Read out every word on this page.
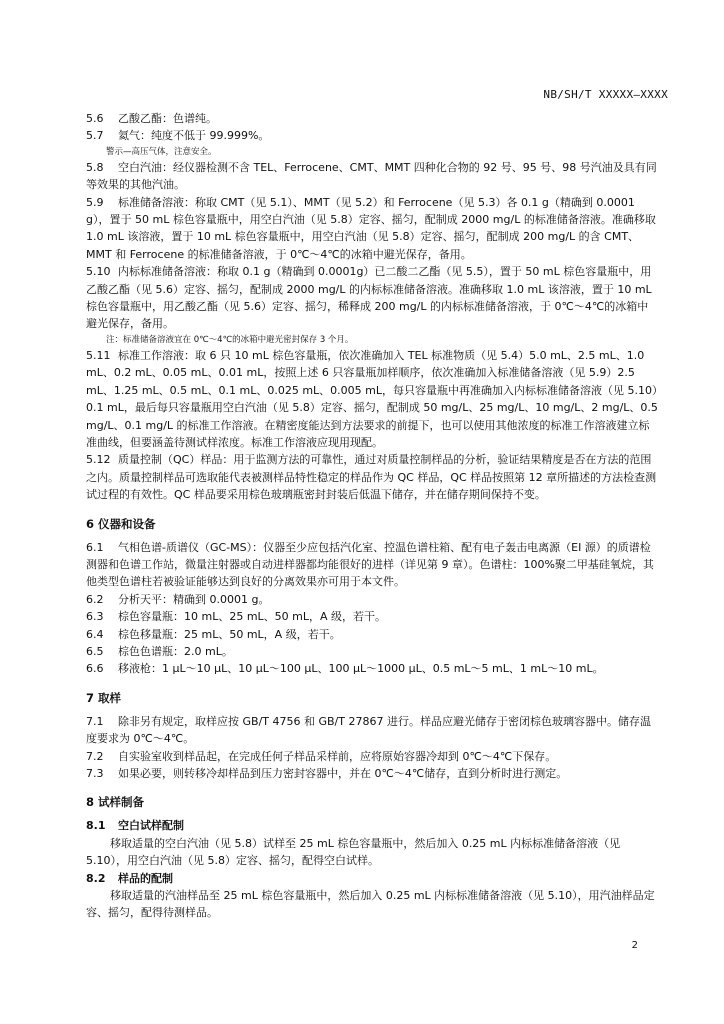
NB/SH/T XXXXX—XXXX
5.6 乙酸乙酯：色谱纯。
5.7 氦气：纯度不低于 99.999%。
警示—高压气体，注意安全。
5.8 空白汽油：经仪器检测不含 TEL、Ferrocene、CMT、MMT 四种化合物的 92 号、95 号、98 号汽油及具有同等效果的其他汽油。
5.9 标准储备溶液：称取 CMT（见 5.1）、MMT（见 5.2）和 Ferrocene（见 5.3）各 0.1 g（精确到 0.0001 g），置于 50 mL 棕色容量瓶中，用空白汽油（见 5.8）定容、摇匀，配制成 2000 mg/L 的标准储备溶液。准确移取 1.0 mL 该溶液，置于 10 mL 棕色容量瓶中，用空白汽油（见 5.8）定容、摇匀，配制成 200 mg/L 的含 CMT、MMT 和 Ferrocene 的标准储备溶液，于 0℃～4℃的冰箱中避光保存，备用。
5.10 内标标准储备溶液：称取 0.1 g（精确到 0.0001g）已二酸二乙酯（见 5.5），置于 50 mL 棕色容量瓶中，用乙酸乙酯（见 5.6）定容、摇匀，配制成 2000 mg/L 的内标标准储备溶液。准确移取 1.0 mL 该溶液，置于 10 mL 棕色容量瓶中，用乙酸乙酯（见 5.6）定容、摇匀，稀释成 200 mg/L 的内标标准储备溶液，于 0℃～4℃的冰箱中避光保存，备用。
注：标准储备溶液宜在 0℃～4℃的冰箱中避光密封保存 3 个月。
5.11 标准工作溶液：取 6 只 10 mL 棕色容量瓶，依次准确加入 TEL 标准物质（见 5.4）5.0 mL、2.5 mL、1.0 mL、0.2 mL、0.05 mL、0.01 mL，按照上述 6 只容量瓶加样顺序，依次准确加入标准储备溶液（见 5.9）2.5 mL、1.25 mL、0.5 mL、0.1 mL、0.025 mL、0.005 mL，每只容量瓶中再准确加入内标标准储备溶液（见 5.10）0.1 mL，最后每只容量瓶用空白汽油（见 5.8）定容、摇匀，配制成 50 mg/L、25 mg/L、10 mg/L、2 mg/L、0.5 mg/L、0.1 mg/L 的标准工作溶液。在精密度能达到方法要求的前提下，也可以使用其他浓度的标准工作溶液建立标准曲线，但要涵盖待测试样浓度。标准工作溶液应现用现配。
5.12 质量控制（QC）样品：用于监测方法的可靠性，通过对质量控制样品的分析，验证结果精度是否在方法的范围之内。质量控制样品可选取能代表被测样品特性稳定的样品作为 QC 样品，QC 样品按照第 12 章所描述的方法检查测试过程的有效性。QC 样品要采用棕色玻璃瓶密封封装后低温下储存，并在储存期间保持不变。
6 仪器和设备
6.1 气相色谱-质谱仪（GC-MS）：仪器至少应包括汽化室、控温色谱柱箱、配有电子轰击电离源（EI 源）的质谱检测器和色谱工作站，微量注射器或自动进样器都均能很好的进样（详见第 9 章）。色谱柱：100%聚二甲基硅氧烷，其他类型色谱柱若被验证能够达到良好的分离效果亦可用于本文件。
6.2 分析天平：精确到 0.0001 g。
6.3 棕色容量瓶：10 mL、25 mL、50 mL，A 级，若干。
6.4 棕色移量瓶：25 mL、50 mL，A 级，若干。
6.5 棕色色谱瓶：2.0 mL。
6.6 移液枪：1 μL～10 μL、10 μL～100 μL、100 μL～1000 μL、0.5 mL～5 mL、1 mL～10 mL。
7 取样
7.1 除非另有规定，取样应按 GB/T 4756 和 GB/T 27867 进行。样品应避光储存于密闭棕色玻璃容器中。储存温度要求为 0℃～4℃。
7.2 自实验室收到样品起，在完成任何子样品采样前，应将原始容器冷却到 0℃～4℃下保存。
7.3 如果必要，则转移冷却样品到压力密封容器中，并在 0℃～4℃储存，直到分析时进行测定。
8 试样制备
8.1 空白试样配制
移取适量的空白汽油（见 5.8）试样至 25 mL 棕色容量瓶中，然后加入 0.25 mL 内标标准储备溶液（见 5.10），用空白汽油（见 5.8）定容、摇匀，配得空白试样。
8.2 样品的配制
移取适量的汽油样品至 25 mL 棕色容量瓶中，然后加入 0.25 mL 内标标准储备溶液（见 5.10），用汽油样品定容、摇匀，配得待测样品。
2
